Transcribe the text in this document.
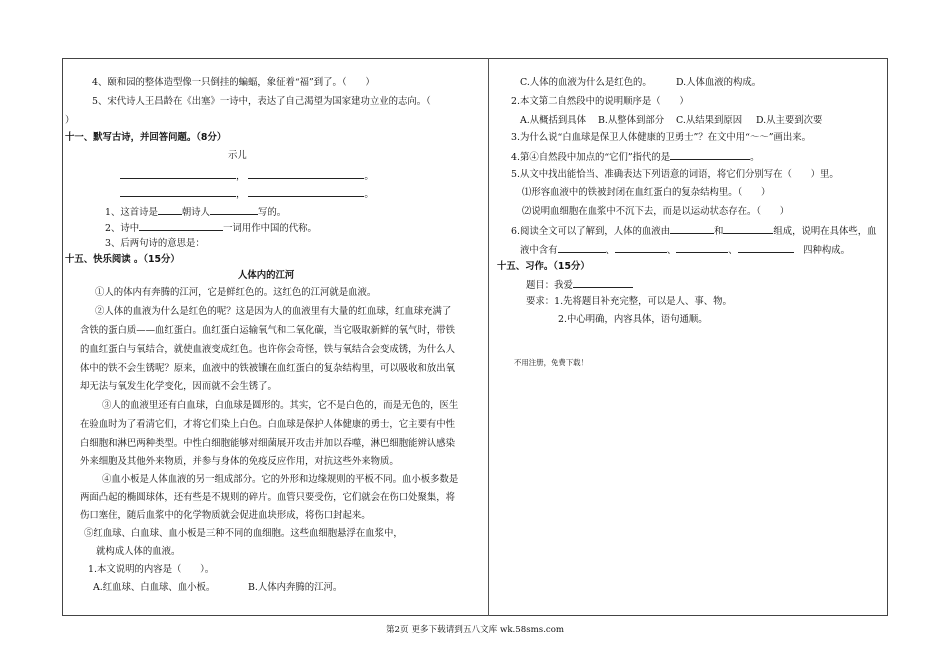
4、颐和园的整体造型像一只倒挂的蝙蝠，象征着“福”到了。（　　）
5、宋代诗人王昌龄在《出塞》一诗中，表达了自己渴望为国家建功立业的志向。（
）
十一、默写古诗，并回答问题。（8分）
示儿
，	。
，	。
1、这首诗是	朝诗人	写的。
2、诗中	一词用作中国的代称。
3、后两句诗的意思是：
十五、快乐阅读 。（15分）
人体内的江河
①人的体内有奔腾的江河，它是鲜红色的。这红色的江河就是血液。
②人体的血液为什么是红色的呢？这是因为人的血液里有大量的红血球，红血球充满了
含铁的蛋白质——血红蛋白。血红蛋白运输氧气和二氧化碳，当它吸取新鲜的氧气时，带铁
的血红蛋白与氧结合，就使血液变成红色。也许你会奇怪，铁与氧结合会变成锈，为什么人
体中的铁不会生锈呢？原来，血液中的铁被镶在血红蛋白的复杂结构里，可以吸收和放出氧
却无法与氧发生化学变化，因而就不会生锈了。
③人的血液里还有白血球，白血球是圆形的。其实，它不是白色的，而是无色的，医生
在验血时为了看清它们，才将它们染上白色。白血球是保护人体健康的勇士，它主要有中性
白细胞和淋巴两种类型。中性白细胞能够对细菌展开攻击并加以吞噬，淋巴细胞能辨认感染
外来细胞及其他外来物质，并参与身体的免疫反应作用，对抗这些外来物质。
④血小板是人体血液的另一组成部分。它的外形和边缘规则的平板不同。血小板多数是
两面凸起的椭圆球体，还有些是不规则的碎片。血管只要受伤，它们就会在伤口处聚集，将
伤口塞住，随后血浆中的化学物质就会促进血块形成，将伤口封起来。
⑤红血球、白血球、血小板是三种不同的血细胞。这些血细胞悬浮在血浆中，
就构成人体的血液。
1.本文说明的内容是（　　）。
A.红血球、白血球、血小板。	B.人体内奔腾的江河。
C.人体的血液为什么是红色的。	D.人体血液的构成。
2.本文第二自然段中的说明顺序是（　　）
A.从概括到具体 B.从整体到部分 C.从结果到原因 D.从主要到次要
3.为什么说“白血球是保卫人体健康的卫勇士”？在文中用“～～”画出来。
4.第④自然段中加点的“它们”指代的是	。
5.从文中找出能恰当、准确表达下列语意的词语，将它们分别写在（　　）里。
⑴形容血液中的铁被封闭在血红蛋白的复杂结构里。（　　）
⑵说明血细胞在血浆中不沉下去，而是以运动状态存在。（　　）
6.阅读全文可以了解到，人体的血液由	和	组成，说明在具体些，血
液中含有	、	、	、　	四种构成。
十五、习作。（15分）
题目：我爱
要求：1.先将题目补充完整，可以是人、事、物。
2.中心明确，内容具体，语句通顺。
不用注册，免费下载！
第2页 更多下载请到五八文库 wk.58sms.com
